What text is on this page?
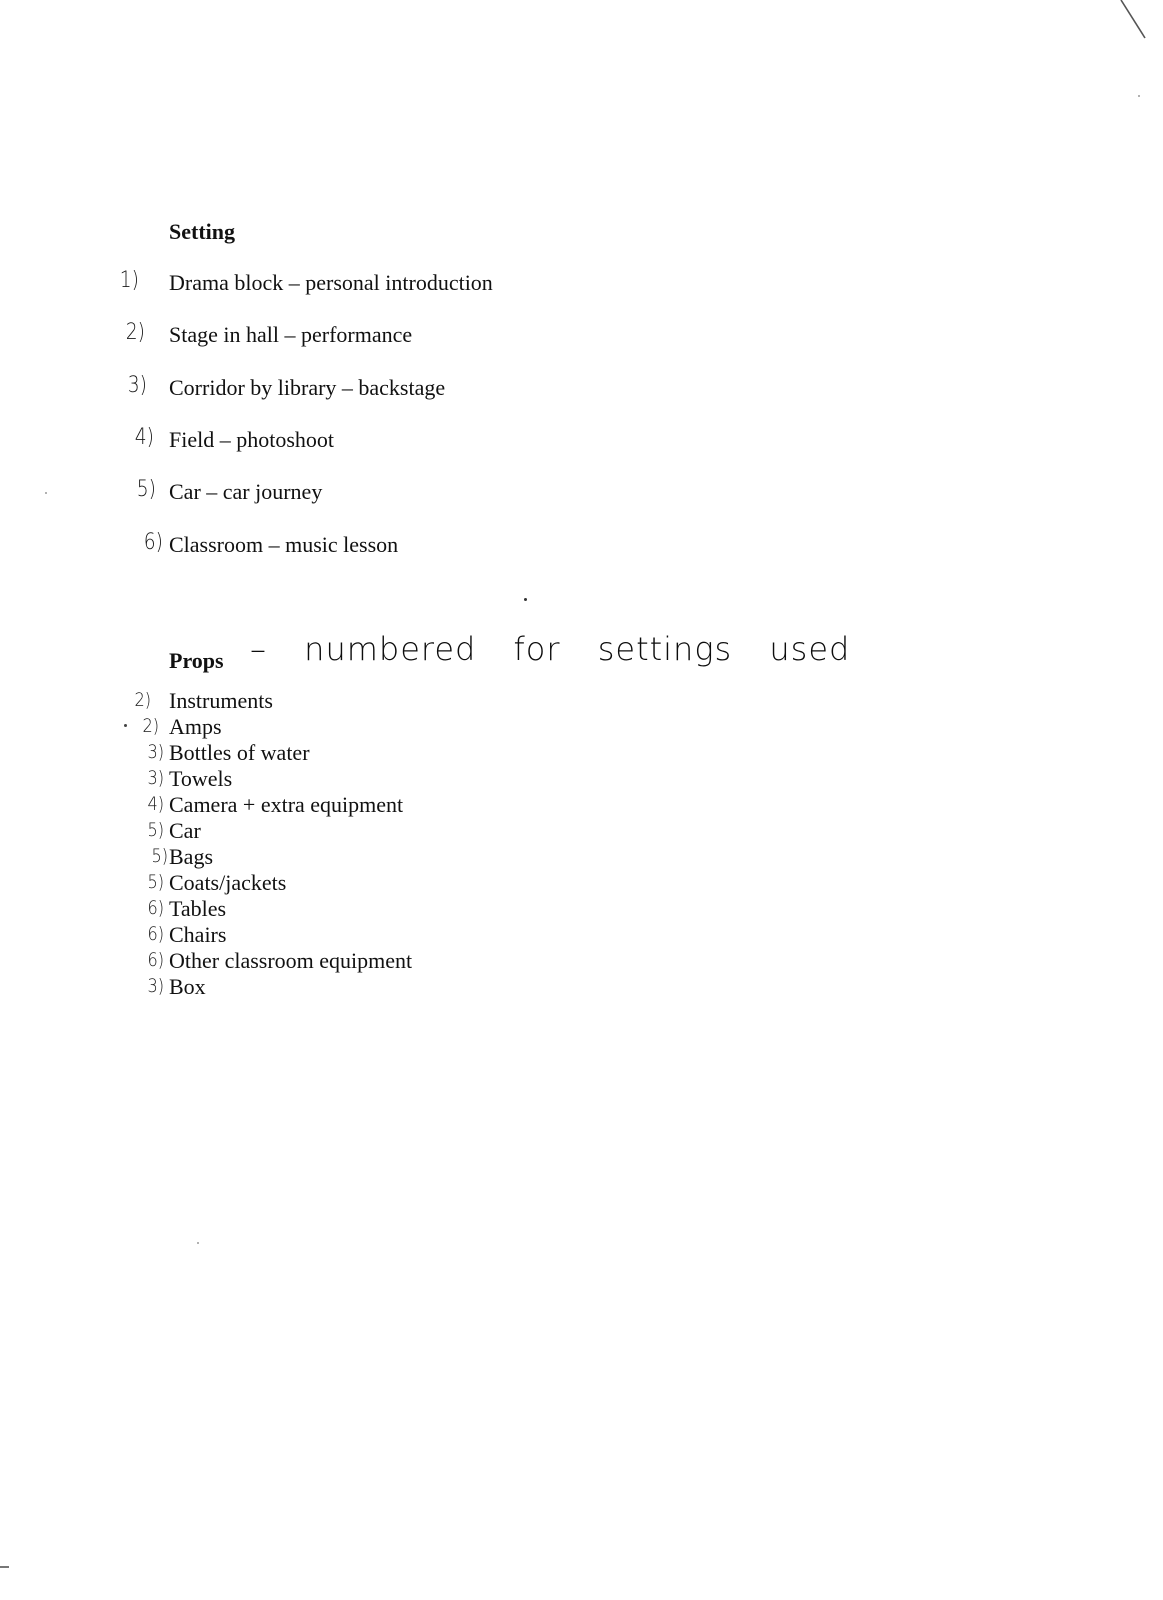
Setting
1) Drama block – personal introduction
2) Stage in hall – performance
3) Corridor by library – backstage
4) Field – photoshoot
5) Car – car journey
6) Classroom – music lesson
Props – numbered for settings used
2) Instruments
2) Amps
3) Bottles of water
3) Towels
4) Camera + extra equipment
5) Car
5) Bags
5) Coats/jackets
6) Tables
6) Chairs
6) Other classroom equipment
3) Box
